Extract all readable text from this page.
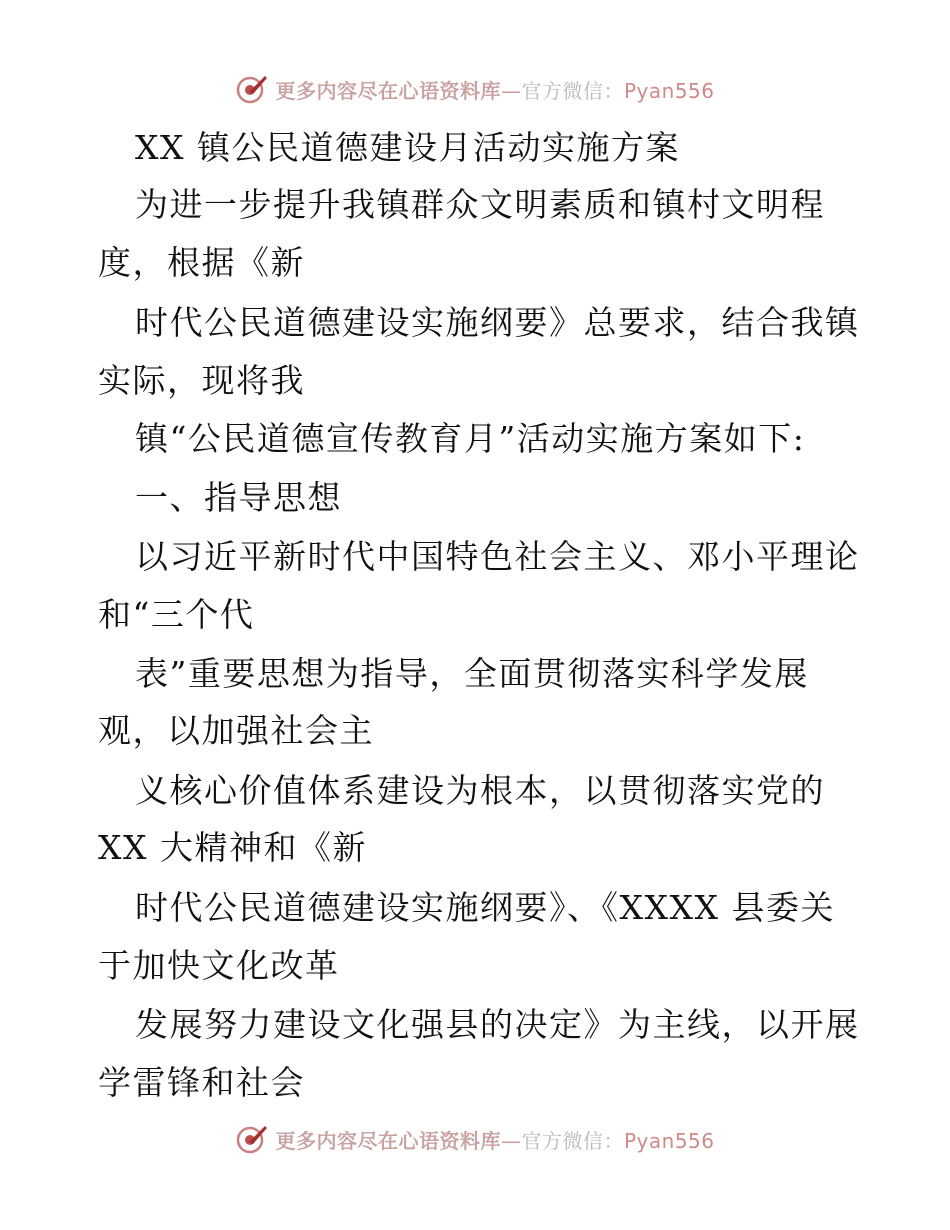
更多内容尽在心语资料库—官方微信：Pyan556
XX 镇公民道德建设月活动实施方案
为进一步提升我镇群众文明素质和镇村文明程
度，根据《新
时代公民道德建设实施纲要》总要求，结合我镇
实际，现将我
镇“公民道德宣传教育月”活动实施方案如下:
一、指导思想
以习近平新时代中国特色社会主义、邓小平理论
和“三个代
表”重要思想为指导，全面贯彻落实科学发展
观，以加强社会主
义核心价值体系建设为根本，以贯彻落实党的
XX 大精神和《新
时代公民道德建设实施纲要》、《XXXX 县委关
于加快文化改革
发展努力建设文化强县的决定》为主线，以开展
学雷锋和社会
更多内容尽在心语资料库—官方微信：Pyan556
